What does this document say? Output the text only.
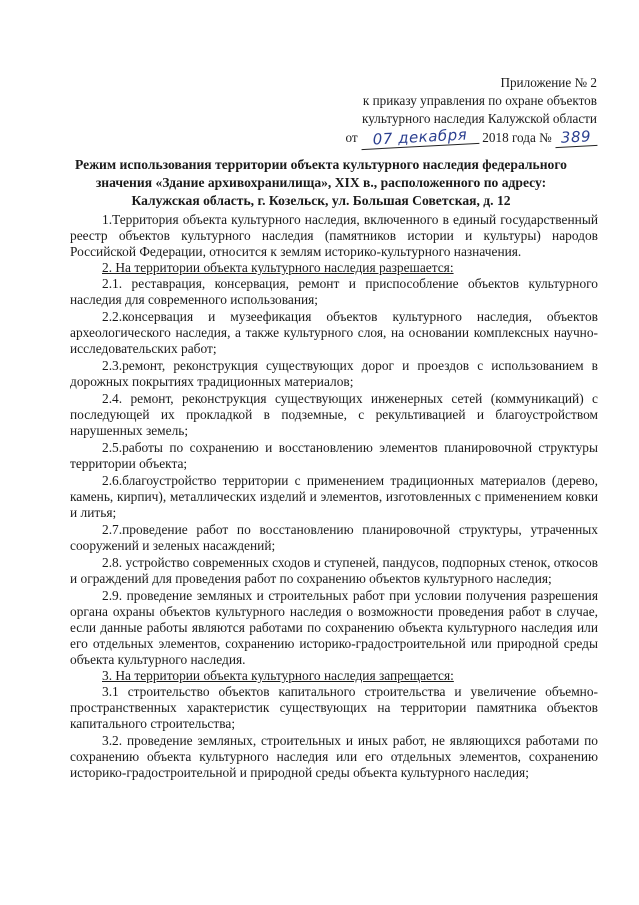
Приложение № 2
к приказу управления по охране объектов
культурного наследия Калужской области
от 07 декабря 2018 года № 389
Режим использования территории объекта культурного наследия федерального значения «Здание архивохранилища», XIX в., расположенного по адресу: Калужская область, г. Козельск, ул. Большая Советская, д. 12

1.Территория объекта культурного наследия, включенного в единый государственный реестр объектов культурного наследия (памятников истории и культуры) народов Российской Федерации, относится к землям историко-культурного назначения.

2. На территории объекта культурного наследия разрешается:

2.1. реставрация, консервация, ремонт и приспособление объектов культурного наследия для современного использования;

2.2.консервация и музеефикация объектов культурного наследия, объектов археологического наследия, а также культурного слоя, на основании комплексных научно-исследовательских работ;

2.3.ремонт, реконструкция существующих дорог и проездов с использованием в дорожных покрытиях традиционных материалов;

2.4. ремонт, реконструкция существующих инженерных сетей (коммуникаций) с последующей их прокладкой в подземные, с рекультивацией и благоустройством нарушенных земель;

2.5.работы по сохранению и восстановлению элементов планировочной структуры территории объекта;

2.6.благоустройство территории с применением традиционных материалов (дерево, камень, кирпич), металлических изделий и элементов, изготовленных с применением ковки и литья;

2.7.проведение работ по восстановлению планировочной структуры, утраченных сооружений и зеленых насаждений;

2.8. устройство современных сходов и ступеней, пандусов, подпорных стенок, откосов и ограждений для проведения работ по сохранению объектов культурного наследия;

2.9. проведение земляных и строительных работ при условии получения разрешения органа охраны объектов культурного наследия о возможности проведения работ в случае, если данные работы являются работами по сохранению объекта культурного наследия или его отдельных элементов, сохранению историко-градостроительной или природной среды объекта культурного наследия.

3. На территории объекта культурного наследия запрещается:

3.1 строительство объектов капитального строительства и увеличение объемно-пространственных характеристик существующих на территории памятника объектов капитального строительства;

3.2. проведение земляных, строительных и иных работ, не являющихся работами по сохранению объекта культурного наследия или его отдельных элементов, сохранению историко-градостроительной и природной среды объекта культурного наследия;
